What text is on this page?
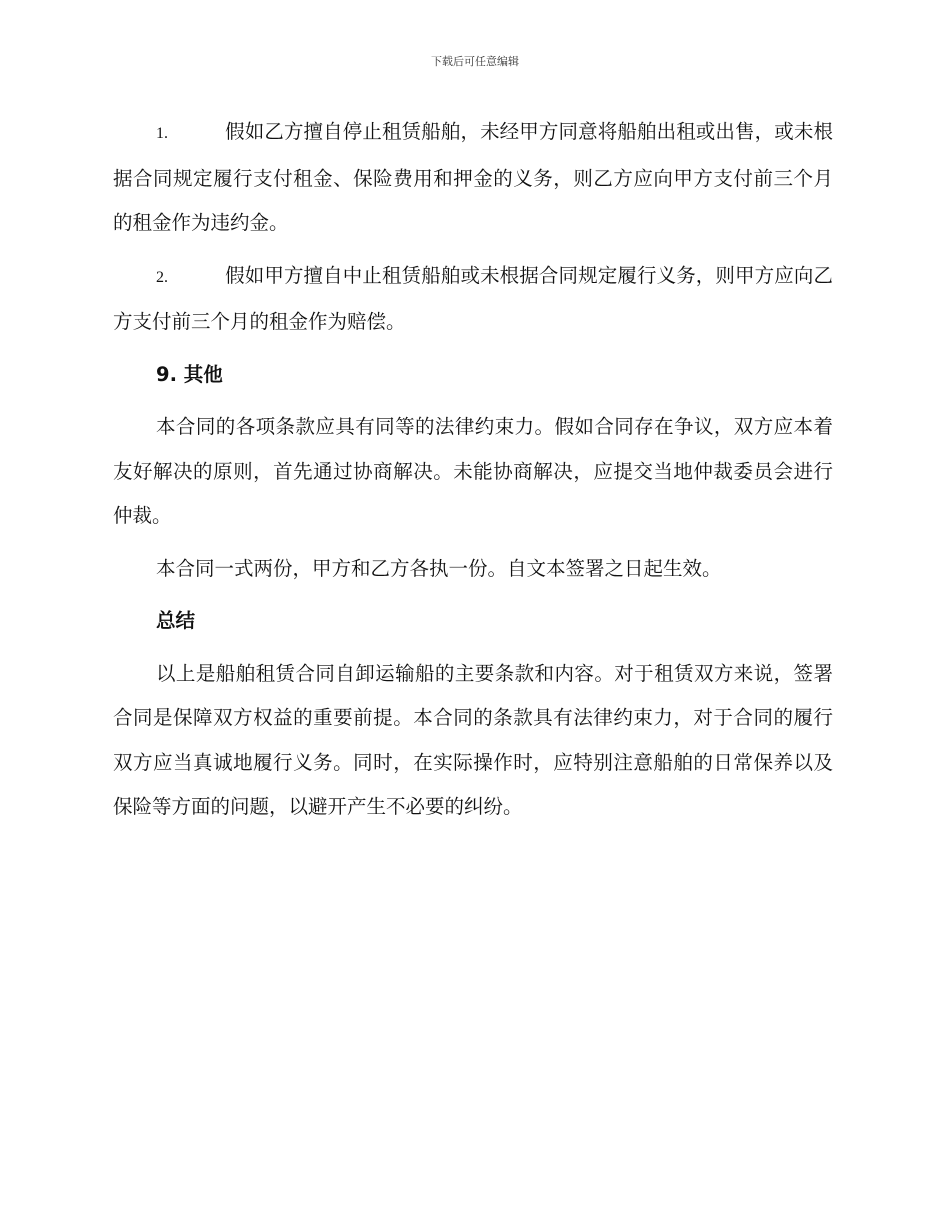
下载后可任意编辑

1.	假如乙方擅自停止租赁船舶，未经甲方同意将船舶出租或出售，或未根据合同规定履行支付租金、保险费用和押金的义务，则乙方应向甲方支付前三个月的租金作为违约金。

2.	假如甲方擅自中止租赁船舶或未根据合同规定履行义务，则甲方应向乙方支付前三个月的租金作为赔偿。

9. 其他

本合同的各项条款应具有同等的法律约束力。假如合同存在争议，双方应本着友好解决的原则，首先通过协商解决。未能协商解决，应提交当地仲裁委员会进行仲裁。

本合同一式两份，甲方和乙方各执一份。自文本签署之日起生效。

总结

以上是船舶租赁合同自卸运输船的主要条款和内容。对于租赁双方来说，签署合同是保障双方权益的重要前提。本合同的条款具有法律约束力，对于合同的履行双方应当真诚地履行义务。同时，在实际操作时，应特别注意船舶的日常保养以及保险等方面的问题，以避开产生不必要的纠纷。
